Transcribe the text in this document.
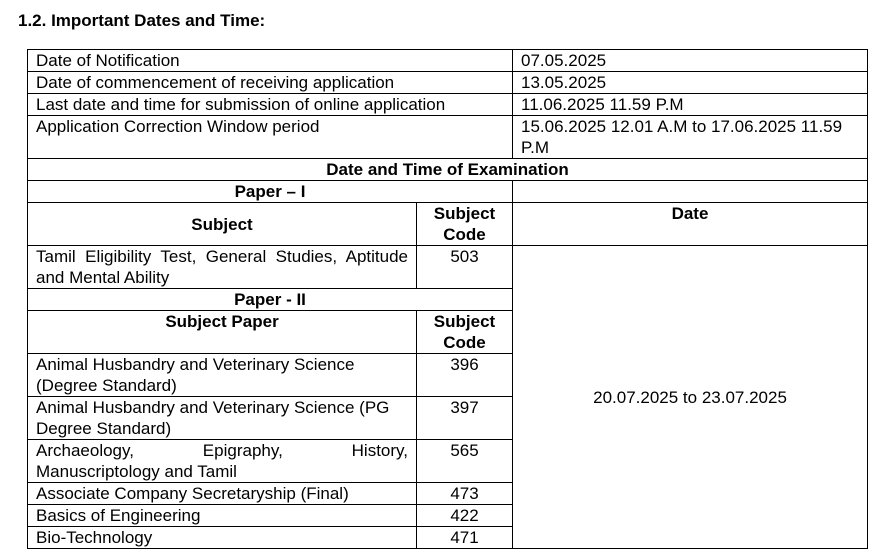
1.2. Important Dates and Time:
Date of Notification		07.05.2025
Date of commencement of receiving application		13.05.2025
Last date and time for submission of online application		11.06.2025 11.59 P.M
Application Correction Window period		15.06.2025 12.01 A.M to 17.06.2025 11.59 P.M
Date and Time of Examination		
Paper – I		
Subject	Subject Code	Date
Tamil Eligibility Test, General Studies, Aptitude and Mental Ability	503	20.07.2025 to 23.07.2025
Paper - II		
Subject Paper	Subject Code	
Animal Husbandry and Veterinary Science (Degree Standard)	396	
Animal Husbandry and Veterinary Science (PG Degree Standard)	397	
Archaeology, Epigraphy, History, Manuscriptology and Tamil	565	
Associate Company Secretaryship (Final)	473	
Basics of Engineering	422	
Bio-Technology	471	
